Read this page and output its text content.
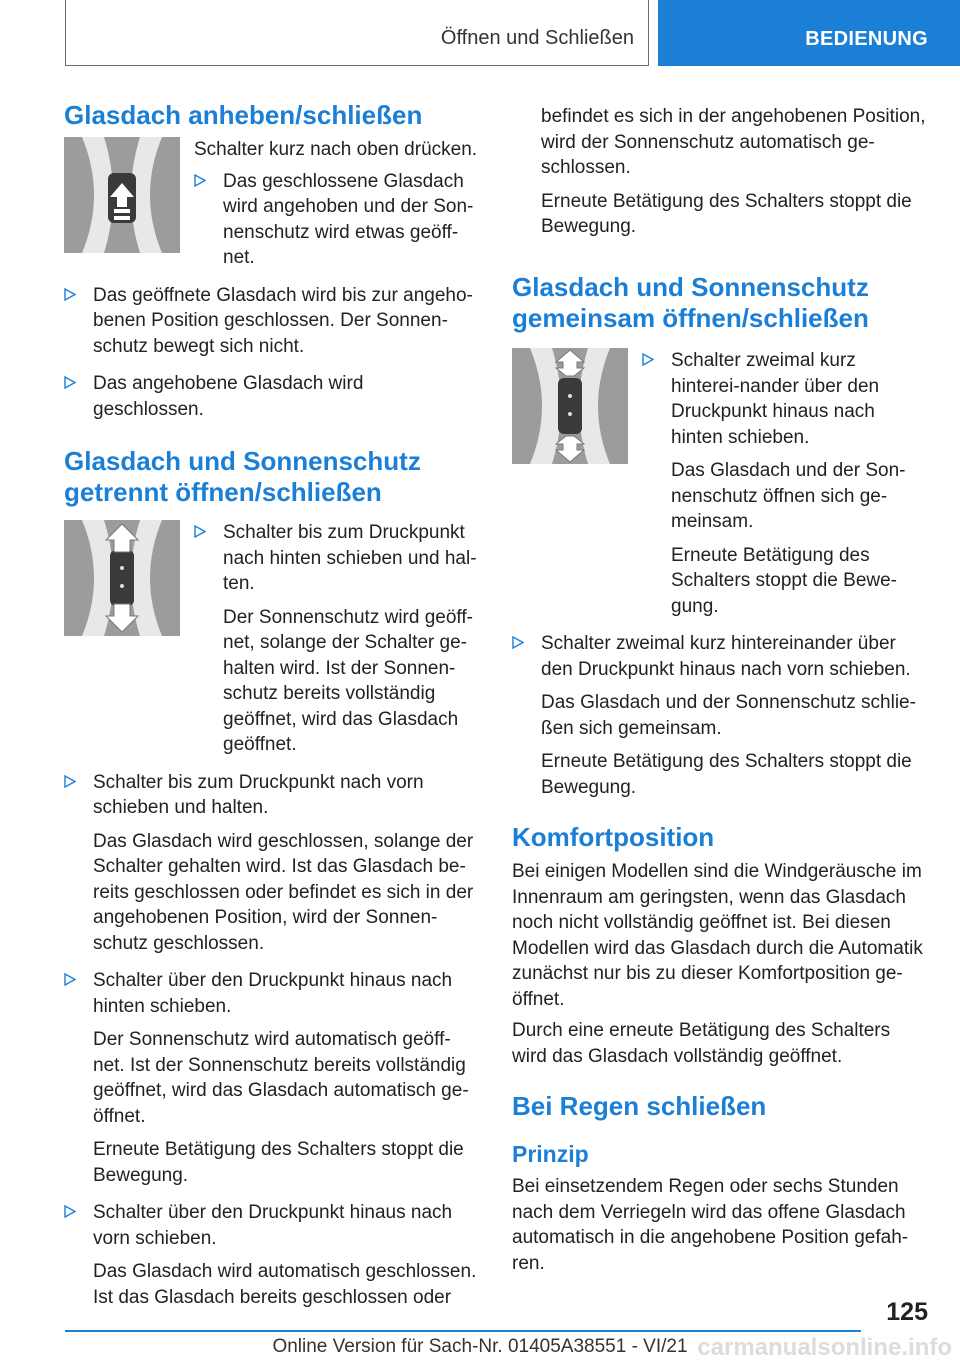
Öffnen und Schließen	BEDIENUNG
Glasdach anheben/schließen
Schalter kurz nach oben drücken.
Das geschlossene Glasdach wird angehoben und der Son-nenschutz wird etwas geöff-net.
Das geöffnete Glasdach wird bis zur angeho-benen Position geschlossen. Der Sonnen-schutz bewegt sich nicht.
Das angehobene Glasdach wird geschlossen.
Glasdach und Sonnenschutz getrennt öffnen/schließen
Schalter bis zum Druckpunkt nach hinten schieben und hal-ten.
Der Sonnenschutz wird geöff-net, solange der Schalter ge-halten wird. Ist der Sonnen-schutz bereits vollständig geöffnet, wird das Glasdach geöffnet.
Schalter bis zum Druckpunkt nach vorn schieben und halten.
Das Glasdach wird geschlossen, solange der Schalter gehalten wird. Ist das Glasdach be-reits geschlossen oder befindet es sich in der angehobenen Position, wird der Sonnen-schutz geschlossen.
Schalter über den Druckpunkt hinaus nach hinten schieben.
Der Sonnenschutz wird automatisch geöff-net. Ist der Sonnenschutz bereits vollständig geöffnet, wird das Glasdach automatisch ge-öffnet.
Erneute Betätigung des Schalters stoppt die Bewegung.
Schalter über den Druckpunkt hinaus nach vorn schieben.
Das Glasdach wird automatisch geschlossen. Ist das Glasdach bereits geschlossen oder
befindet es sich in der angehobenen Position, wird der Sonnenschutz automatisch ge-schlossen.
Erneute Betätigung des Schalters stoppt die Bewegung.
Glasdach und Sonnenschutz gemeinsam öffnen/schließen
Schalter zweimal kurz hinterei-nander über den Druckpunkt hinaus nach hinten schieben.
Das Glasdach und der Son-nenschutz öffnen sich ge-meinsam.
Erneute Betätigung des Schalters stoppt die Bewe-gung.
Schalter zweimal kurz hintereinander über den Druckpunkt hinaus nach vorn schieben.
Das Glasdach und der Sonnenschutz schlie-ßen sich gemeinsam.
Erneute Betätigung des Schalters stoppt die Bewegung.
Komfortposition
Bei einigen Modellen sind die Windgeräusche im Innenraum am geringsten, wenn das Glasdach noch nicht vollständig geöffnet ist. Bei diesen Modellen wird das Glasdach durch die Automatik zunächst nur bis zu dieser Komfortposition ge-öffnet.
Durch eine erneute Betätigung des Schalters wird das Glasdach vollständig geöffnet.
Bei Regen schließen
Prinzip
Bei einsetzendem Regen oder sechs Stunden nach dem Verriegeln wird das offene Glasdach automatisch in die angehobene Position gefah-ren.
125
Online Version für Sach-Nr. 01405A38551 - VI/21 carmanualsonline.info
